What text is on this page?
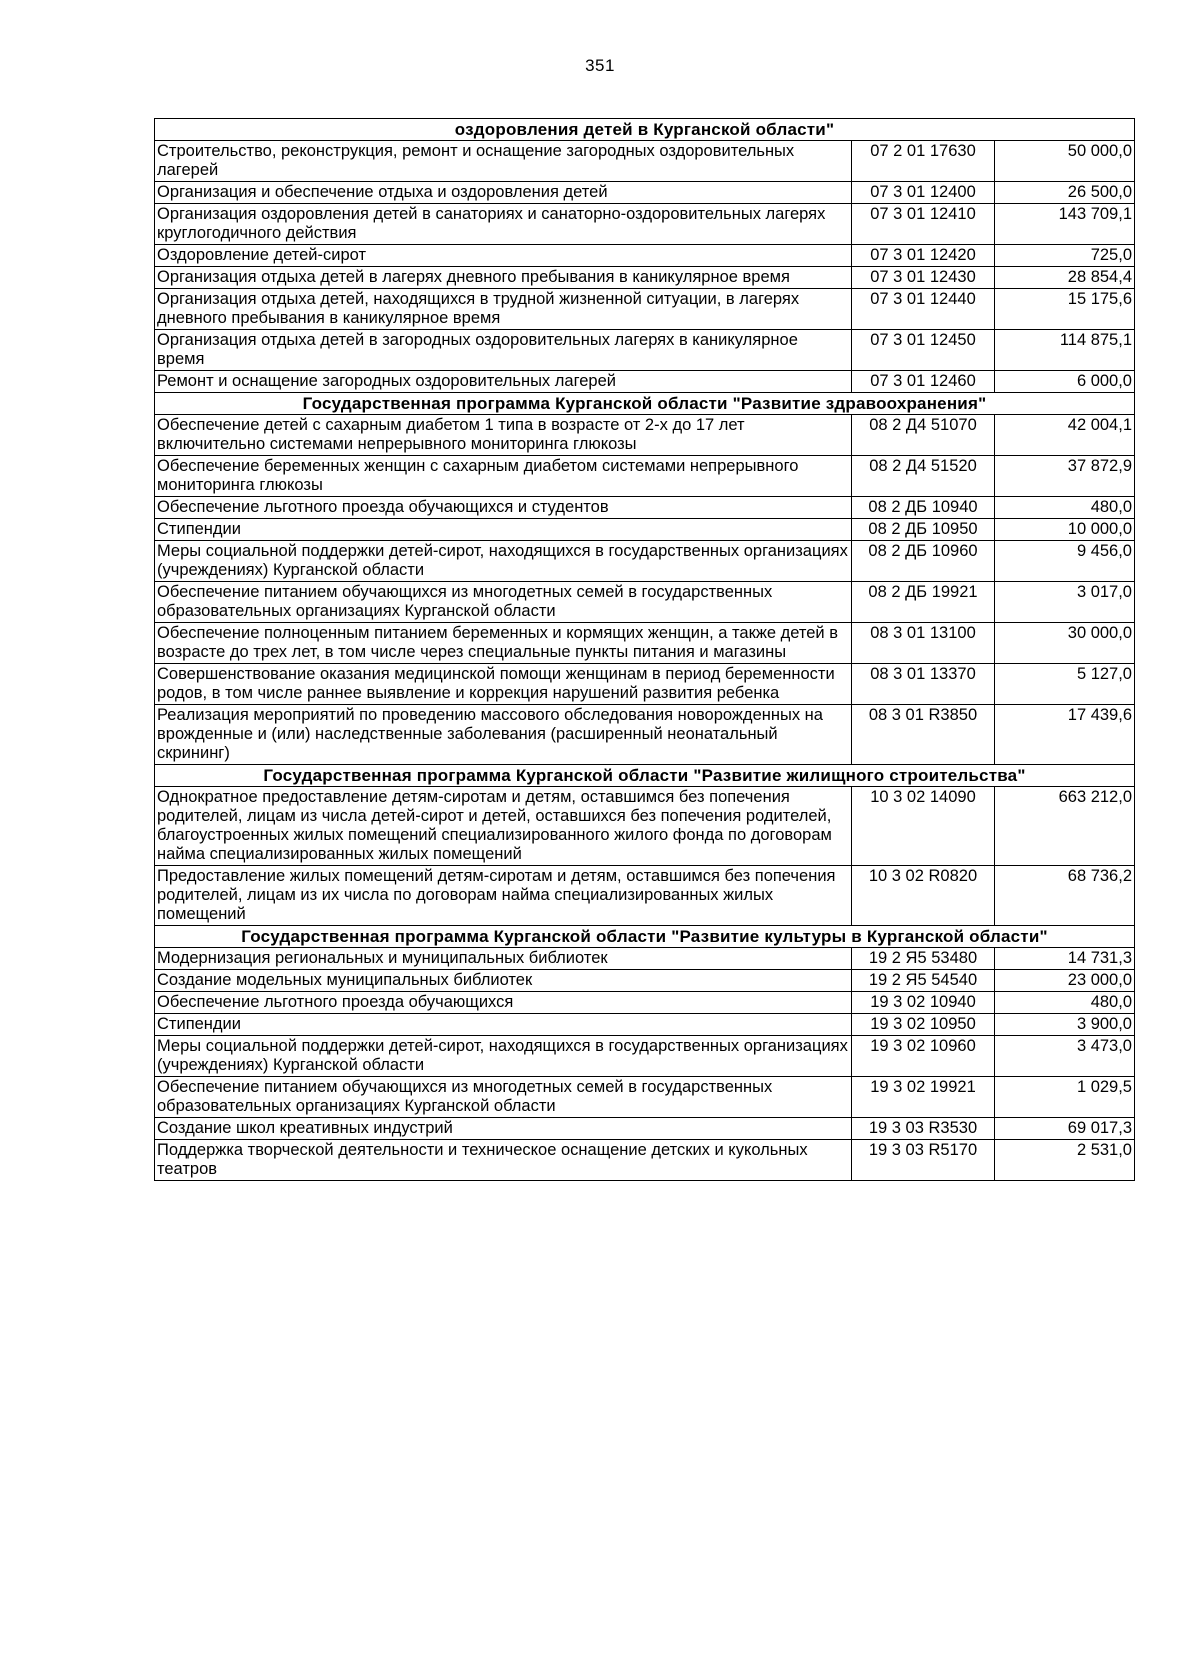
351
оздоровления детей в Курганской области"		
Строительство, реконструкция, ремонт и оснащение загородных оздоровительных лагерей	07 2 01 17630	50 000,0
Организация и обеспечение отдыха и оздоровления детей	07 3 01 12400	26 500,0
Организация оздоровления детей в санаториях и санаторно-оздоровительных лагерях круглогодичного действия	07 3 01 12410	143 709,1
Оздоровление детей-сирот	07 3 01 12420	725,0
Организация отдыха детей в лагерях дневного пребывания в каникулярное время	07 3 01 12430	28 854,4
Организация отдыха детей, находящихся в трудной жизненной ситуации, в лагерях дневного пребывания в каникулярное время	07 3 01 12440	15 175,6
Организация отдыха детей в загородных оздоровительных лагерях в каникулярное время	07 3 01 12450	114 875,1
Ремонт и оснащение загородных оздоровительных лагерей	07 3 01 12460	6 000,0
Государственная программа Курганской области "Развитие здравоохранения"		
Обеспечение детей с сахарным диабетом 1 типа в возрасте от 2-х до 17 лет включительно системами непрерывного мониторинга глюкозы	08 2 Д4 51070	42 004,1
Обеспечение беременных женщин с сахарным диабетом системами непрерывного мониторинга глюкозы	08 2 Д4 51520	37 872,9
Обеспечение льготного проезда обучающихся и студентов	08 2 ДБ 10940	480,0
Стипендии	08 2 ДБ 10950	10 000,0
Меры социальной поддержки детей-сирот, находящихся в государственных организациях (учреждениях) Курганской области	08 2 ДБ 10960	9 456,0
Обеспечение питанием обучающихся из многодетных семей в государственных образовательных организациях Курганской области	08 2 ДБ 19921	3 017,0
Обеспечение полноценным питанием беременных и кормящих женщин, а также детей в возрасте до трех лет, в том числе через специальные пункты питания и магазины	08 3 01 13100	30 000,0
Совершенствование оказания медицинской помощи женщинам в период беременности родов, в том числе раннее выявление и коррекция нарушений развития ребенка	08 3 01 13370	5 127,0
Реализация мероприятий по проведению массового обследования новорожденных на врожденные и (или) наследственные заболевания (расширенный неонатальный скрининг)	08 3 01 R3850	17 439,6
Государственная программа Курганской области "Развитие жилищного строительства"		
Однократное предоставление детям-сиротам и детям, оставшимся без попечения родителей, лицам из числа детей-сирот и детей, оставшихся без попечения родителей, благоустроенных жилых помещений специализированного жилого фонда по договорам найма специализированных жилых помещений	10 3 02 14090	663 212,0
Предоставление жилых помещений детям-сиротам и детям, оставшимся без попечения родителей, лицам из их числа по договорам найма специализированных жилых помещений	10 3 02 R0820	68 736,2
Государственная программа Курганской области "Развитие культуры в Курганской области"		
Модернизация региональных и муниципальных библиотек	19 2 Я5 53480	14 731,3
Создание модельных муниципальных библиотек	19 2 Я5 54540	23 000,0
Обеспечение льготного проезда обучающихся	19 3 02 10940	480,0
Стипендии	19 3 02 10950	3 900,0
Меры социальной поддержки детей-сирот, находящихся в государственных организациях (учреждениях) Курганской области	19 3 02 10960	3 473,0
Обеспечение питанием обучающихся из многодетных семей в государственных образовательных организациях Курганской области	19 3 02 19921	1 029,5
Создание школ креативных индустрий	19 3 03 R3530	69 017,3
Поддержка творческой деятельности и техническое оснащение детских и кукольных театров	19 3 03 R5170	2 531,0
